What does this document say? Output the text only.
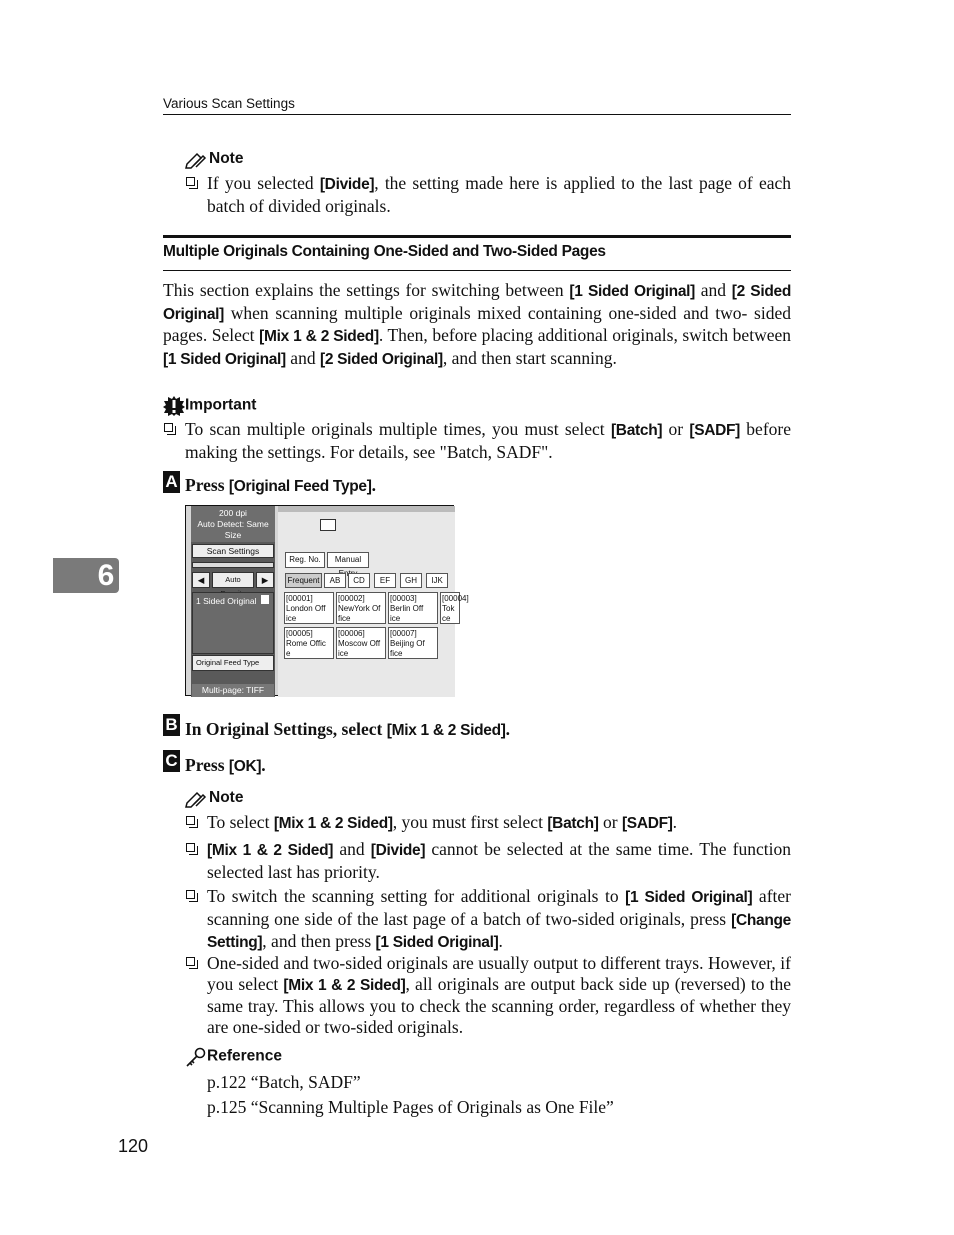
Various Scan Settings
Note
If you selected [Divide], the setting made here is applied to the last page of each batch of divided originals.
Multiple Originals Containing One-Sided and Two-Sided Pages
This section explains the settings for switching between [1 Sided Original] and [2 Sided Original] when scanning multiple originals mixed containing one-sided and two- sided pages. Select [Mix 1 & 2 Sided]. Then, before placing additional originals, switch between [1 Sided Original] and [2 Sided Original], and then start scanning.
Important
To scan multiple originals multiple times, you must select [Batch] or [SADF] before making the settings. For details, see "Batch, SADF".
A Press [Original Feed Type].
200 dpi
Auto Detect: Same Size
Scan Settings
◀	Auto	▶
1 Sided Original
Original Feed Type
Multi-page: TIFF
Reg. No.	Manual
Frequent	AB	CD	EF	GH	IJK
[00001]
London Off
ice
[00002]
NewYork Of
fice
[00003]
Berlin Off
ice
[00004]
Tok
ce
[00005]
Rome Offic
e
[00006]
Moscow Off
ice
[00007]
Beijing Of
fice
B In Original Settings, select [Mix 1 & 2 Sided].
C Press [OK].
Note
To select [Mix 1 & 2 Sided], you must first select [Batch] or [SADF].
[Mix 1 & 2 Sided] and [Divide] cannot be selected at the same time. The function selected last has priority.
To switch the scanning setting for additional originals to [1 Sided Original] after scanning one side of the last page of a batch of two-sided originals, press [Change Setting], and then press [1 Sided Original].
One-sided and two-sided originals are usually output to different trays. However, if you select [Mix 1 & 2 Sided], all originals are output back side up (reversed) to the same tray. This allows you to check the scanning order, regardless of whether they are one-sided or two-sided originals.
Reference
p.122 “Batch, SADF”
p.125 “Scanning Multiple Pages of Originals as One File”
6
120
